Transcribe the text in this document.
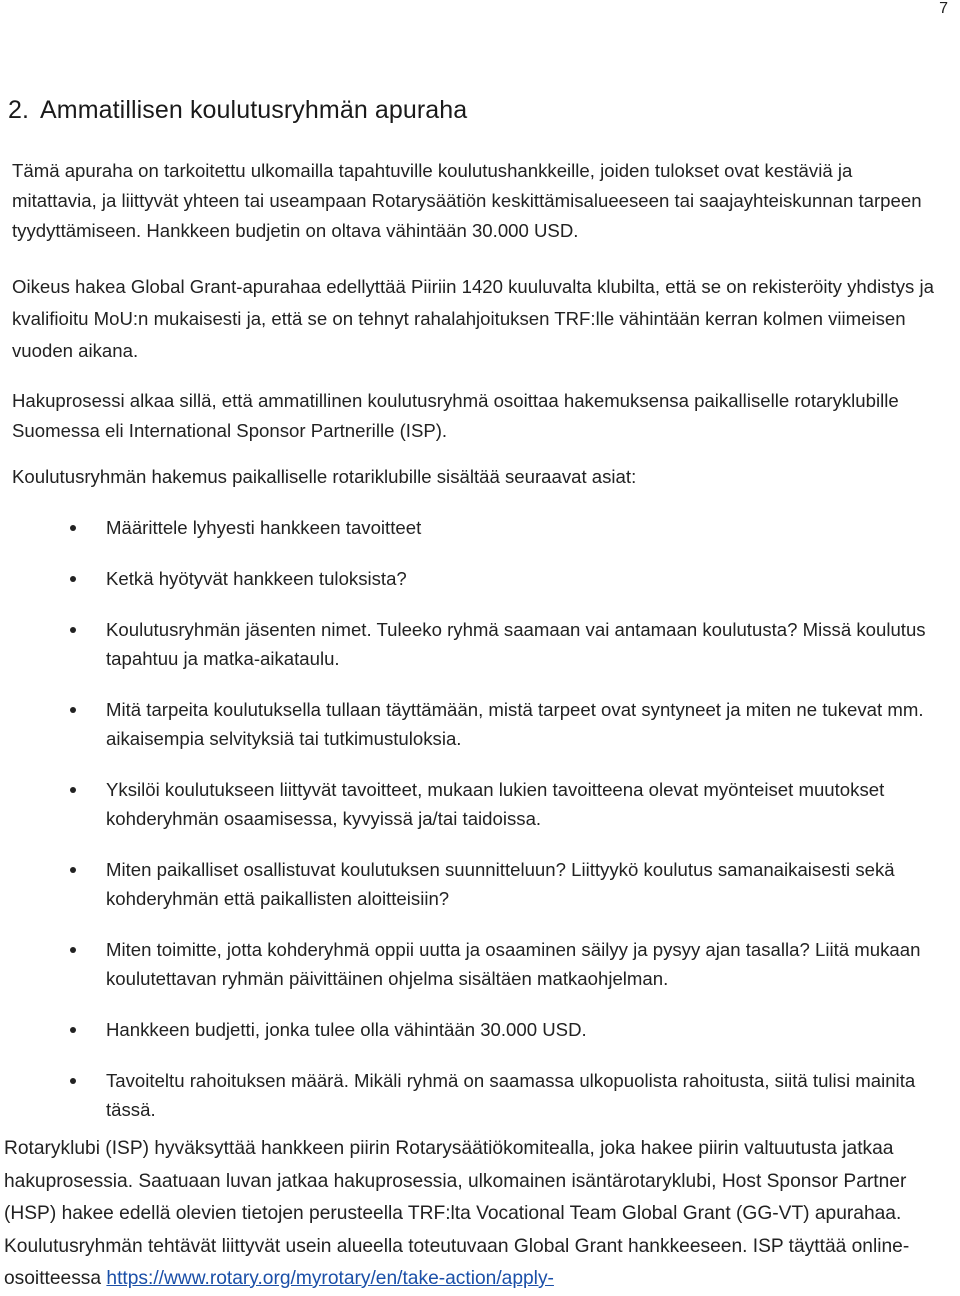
7
2. Ammatillisen koulutusryhmän apuraha

Tämä apuraha on tarkoitettu ulkomailla tapahtuville koulutushankkeille, joiden tulokset ovat kestäviä ja mitattavia, ja liittyvät yhteen tai useampaan Rotarysäätiön keskittämisalueeseen tai saajayhteiskunnan tarpeen tyydyttämiseen. Hankkeen budjetin on oltava vähintään 30.000 USD.

Oikeus hakea Global Grant-apurahaa edellyttää Piiriin 1420 kuuluvalta klubilta, että se on rekisteröity yhdistys ja kvalifioitu MoU:n mukaisesti ja, että se on tehnyt rahalahjoituksen TRF:lle vähintään kerran kolmen viimeisen vuoden aikana.

Hakuprosessi alkaa sillä, että ammatillinen koulutusryhmä osoittaa hakemuksensa paikalliselle rotaryklubille Suomessa eli International Sponsor Partnerille (ISP).

Koulutusryhmän hakemus paikalliselle rotariklubille sisältää seuraavat asiat:

Määrittele lyhyesti hankkeen tavoitteet
Ketkä hyötyvät hankkeen tuloksista?
Koulutusryhmän jäsenten nimet. Tuleeko ryhmä saamaan vai antamaan koulutusta? Missä koulutus tapahtuu ja matka-aikataulu.
Mitä tarpeita koulutuksella tullaan täyttämään, mistä tarpeet ovat syntyneet ja miten ne tukevat mm. aikaisempia selvityksiä tai tutkimustuloksia.
Yksilöi koulutukseen liittyvät tavoitteet, mukaan lukien tavoitteena olevat myönteiset muutokset kohderyhmän osaamisessa, kyvyissä ja/tai taidoissa.
Miten paikalliset osallistuvat koulutuksen suunnitteluun? Liittyykö koulutus samanaikaisesti sekä kohderyhmän että paikallisten aloitteisiin?
Miten toimitte, jotta kohderyhmä oppii uutta ja osaaminen säilyy ja pysyy ajan tasalla? Liitä mukaan koulutettavan ryhmän päivittäinen ohjelma sisältäen matkaohjelman.
Hankkeen budjetti, jonka tulee olla vähintään 30.000 USD.
Tavoiteltu rahoituksen määrä. Mikäli ryhmä on saamassa ulkopuolista rahoitusta, siitä tulisi mainita tässä.

Rotaryklubi (ISP) hyväksyttää hankkeen piirin Rotarysäätiökomitealla, joka hakee piirin valtuutusta jatkaa hakuprosessia. Saatuaan luvan jatkaa hakuprosessia, ulkomainen isäntärotaryklubi, Host Sponsor Partner (HSP) hakee edellä olevien tietojen perusteella TRF:lta Vocational Team Global Grant (GG-VT) apurahaa. Koulutusryhmän tehtävät liittyvät usein alueella toteutuvaan Global Grant hankkeeseen. ISP täyttää online-osoitteessa https://www.rotary.org/myrotary/en/take-action/apply-
